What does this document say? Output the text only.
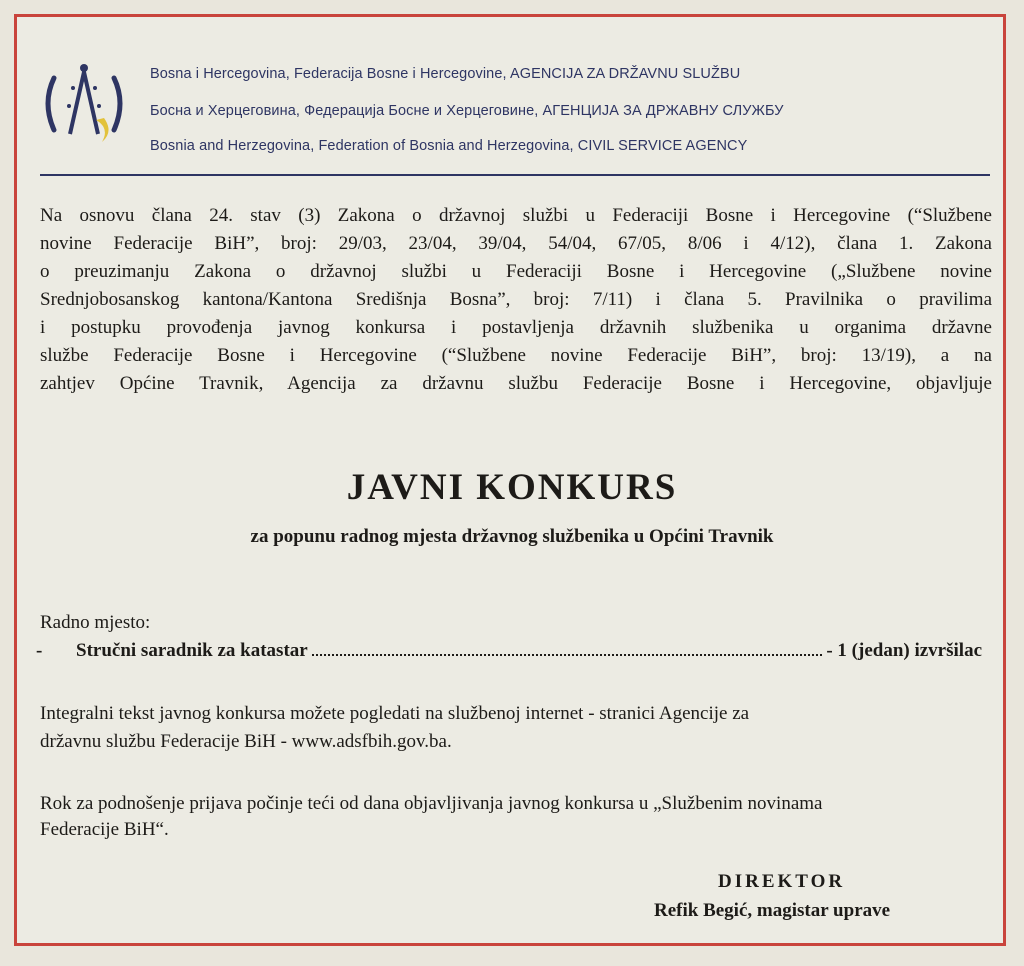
Bosna i Hercegovina, Federacija Bosne i Hercegovine, AGENCIJA ZA DRŽAVNU SLUŽBU
Босна и Херцеговина, Федерација Босне и Херцеговине, АГЕНЦИЈА ЗА ДРЖАВНУ СЛУЖБУ
Bosnia and Herzegovina, Federation of Bosnia and Herzegovina, CIVIL SERVICE AGENCY
Na osnovu člana 24. stav (3) Zakona o državnoj službi u Federaciji Bosne i Hercegovine (“Službene
novine Federacije BiH”, broj: 29/03, 23/04, 39/04, 54/04, 67/05, 8/06 i 4/12), člana 1. Zakona
o preuzimanju Zakona o državnoj službi u Federaciji Bosne i Hercegovine („Službene novine
Srednjobosanskog kantona/Kantona Središnja Bosna”, broj: 7/11) i člana 5. Pravilnika o pravilima
i postupku provođenja javnog konkursa i postavljenja državnih službenika u organima državne
službe Federacije Bosne i Hercegovine (“Službene novine Federacije BiH”, broj: 13/19), a na
zahtjev Općine Travnik, Agencija za državnu službu Federacije Bosne i Hercegovine, objavljuje
JAVNI KONKURS
za popunu radnog mjesta državnog službenika u Općini Travnik
Radno mjesto:
-	Stručni saradnik za katastar	- 1 (jedan) izvršilac
Integralni tekst javnog konkursa možete pogledati na službenoj internet - stranici Agencije za
državnu službu Federacije BiH - www.adsfbih.gov.ba.
Rok za podnošenje prijava počinje teći od dana objavljivanja javnog konkursa u „Službenim novinama
Federacije BiH“.
DIREKTOR
Refik Begić, magistar uprave
